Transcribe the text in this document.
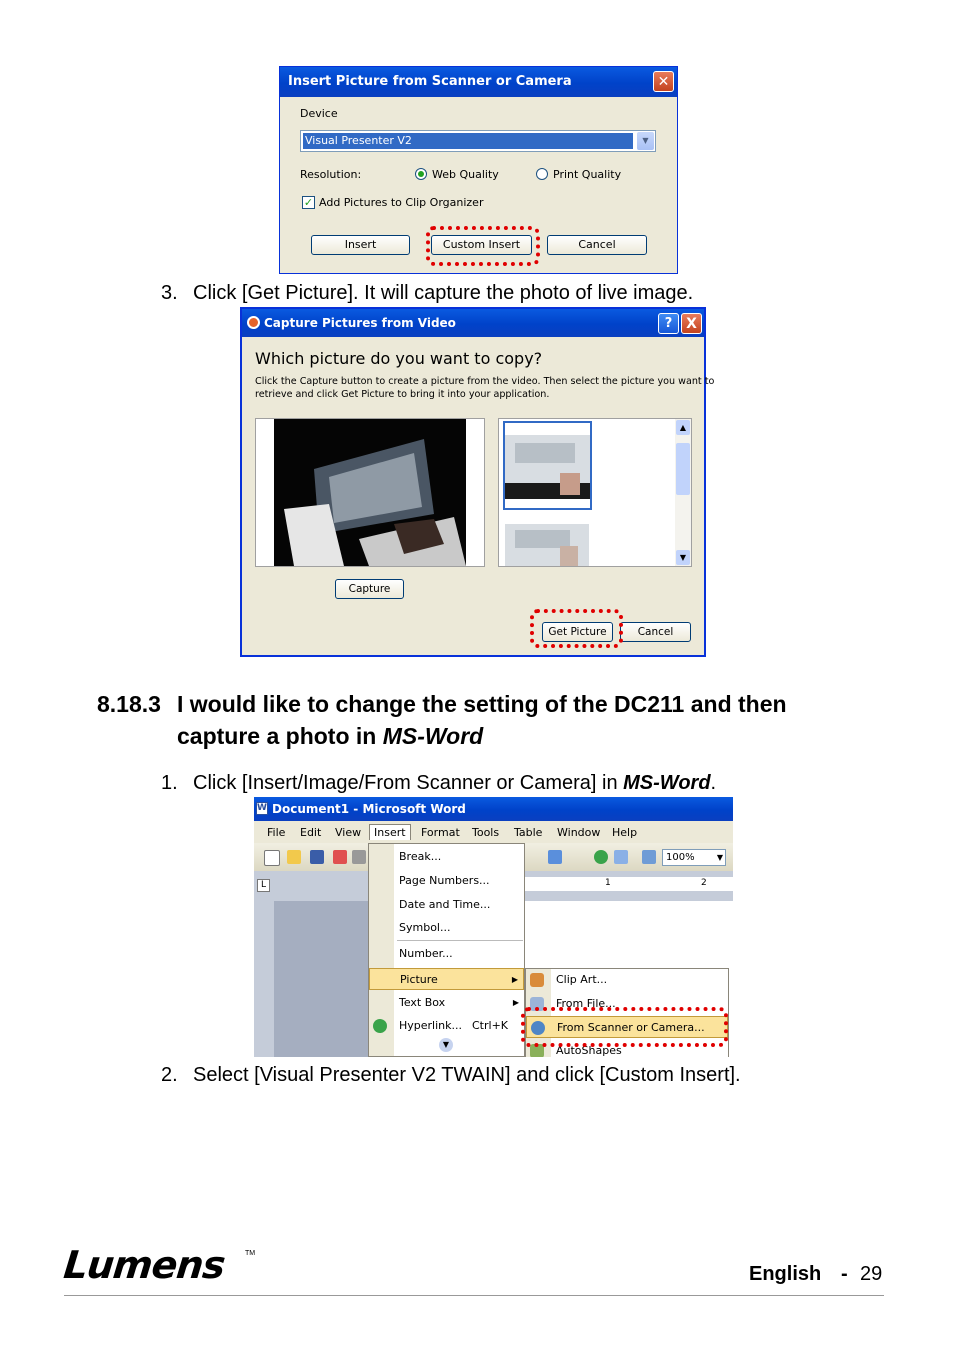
Insert Picture from Scanner or Camera	✕
Device
Visual Presenter V2	▼
Resolution:	Web Quality	Print Quality
✓ Add Pictures to Clip Organizer
Insert	Custom Insert	Cancel
3. Click [Get Picture]. It will capture the photo of live image.
Capture Pictures from Video	? X
Which picture do you want to copy?
Click the Capture button to create a picture from the video. Then select the picture you want to
retrieve and click Get Picture to bring it into your application.
▲
▼
Capture
Get Picture	Cancel
8.18.3 I would like to change the setting of the DC211 and then
capture a photo in MS-Word
1. Click [Insert/Image/From Scanner or Camera] in MS-Word.
Document1 - Microsoft Word
W
File Edit View	Insert	Format Tools Table Window Help
100%	▼
L	1	2
Break...
Page Numbers...
Date and Time...
Symbol...
Number...
Picture	▶
Text Box	▶
Hyperlink... Ctrl+K
▼
Clip Art...
From File...
From Scanner or Camera...
AutoShapes
2. Select [Visual Presenter V2 TWAIN] and click [Custom Insert].
Lumens	TM
English - 29
